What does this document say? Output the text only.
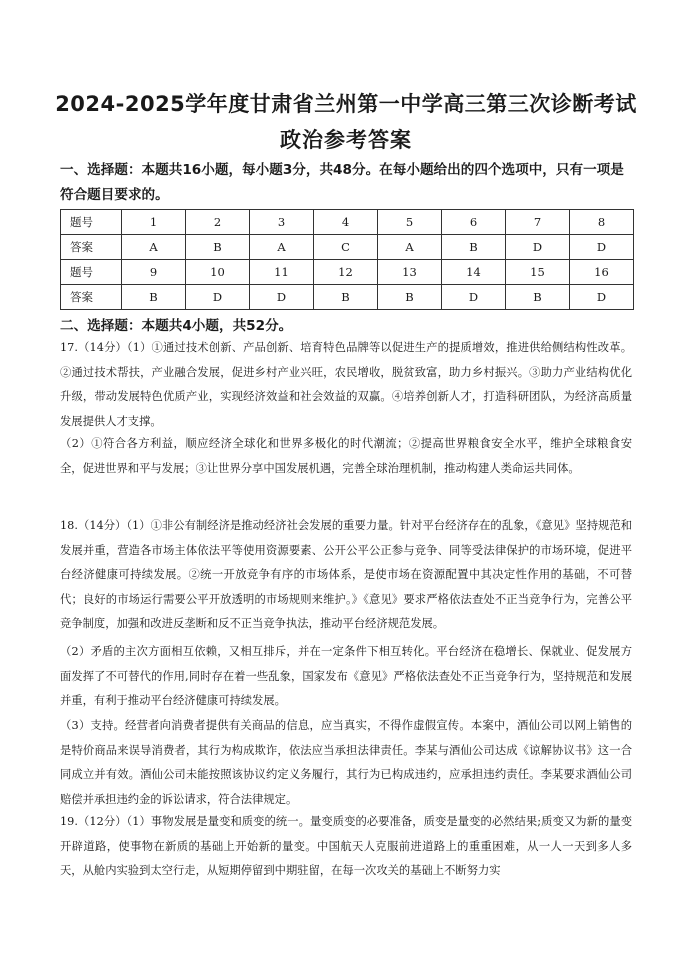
2024-2025学年度甘肃省兰州第一中学高三第三次诊断考试
政治参考答案
一、选择题：本题共16小题，每小题3分，共48分。在每小题给出的四个选项中，只有一项是符合题目要求的。
题号	1	2	3	4	5	6	7	8
答案	A	B	A	C	A	B	D	D
题号	9	10	11	12	13	14	15	16
答案	B	D	D	B	B	D	B	D
二、选择题：本题共4小题，共52分。

17.（14分）（1）①通过技术创新、产品创新、培育特色品牌等以促进生产的提质增效，推进供给侧结构性改革。②通过技术帮扶，产业融合发展，促进乡村产业兴旺，农民增收，脱贫致富，助力乡村振兴。③助力产业结构优化升级，带动发展特色优质产业，实现经济效益和社会效益的双赢。④培养创新人才，打造科研团队，为经济高质量发展提供人才支撑。

（2）①符合各方利益，顺应经济全球化和世界多极化的时代潮流；②提高世界粮食安全水平，维护全球粮食安全，促进世界和平与发展；③让世界分享中国发展机遇，完善全球治理机制，推动构建人类命运共同体。

18.（14分）（1）①非公有制经济是推动经济社会发展的重要力量。针对平台经济存在的乱象，《意见》坚持规范和发展并重，营造各市场主体依法平等使用资源要素、公开公平公正参与竞争、同等受法律保护的市场环境，促进平台经济健康可持续发展。②统一开放竞争有序的市场体系，是使市场在资源配置中其决定性作用的基础，不可替代；良好的市场运行需要公平开放透明的市场规则来维护。》《意见》要求严格依法查处不正当竞争行为，完善公平竞争制度，加强和改进反垄断和反不正当竞争执法，推动平台经济规范发展。

（2）矛盾的主次方面相互依赖，又相互排斥，并在一定条件下相互转化。平台经济在稳增长、保就业、促发展方面发挥了不可替代的作用,同时存在着一些乱象，国家发布《意见》严格依法查处不正当竞争行为，坚持规范和发展并重，有利于推动平台经济健康可持续发展。

（3）支持。经营者向消费者提供有关商品的信息，应当真实，不得作虚假宣传。本案中，酒仙公司以网上销售的是特价商品来误导消费者，其行为构成欺诈，依法应当承担法律责任。李某与酒仙公司达成《谅解协议书》这一合同成立并有效。酒仙公司未能按照该协议约定义务履行，其行为已构成违约，应承担违约责任。李某要求酒仙公司赔偿并承担违约金的诉讼请求，符合法律规定。

19.（12分）（1）事物发展是量变和质变的统一。量变质变的必要准备，质变是量变的必然结果;质变又为新的量变开辟道路，使事物在新质的基础上开始新的量变。中国航天人克服前进道路上的重重困难，从一人一天到多人多天，从舱内实验到太空行走，从短期停留到中期驻留，在每一次攻关的基础上不断努力实
